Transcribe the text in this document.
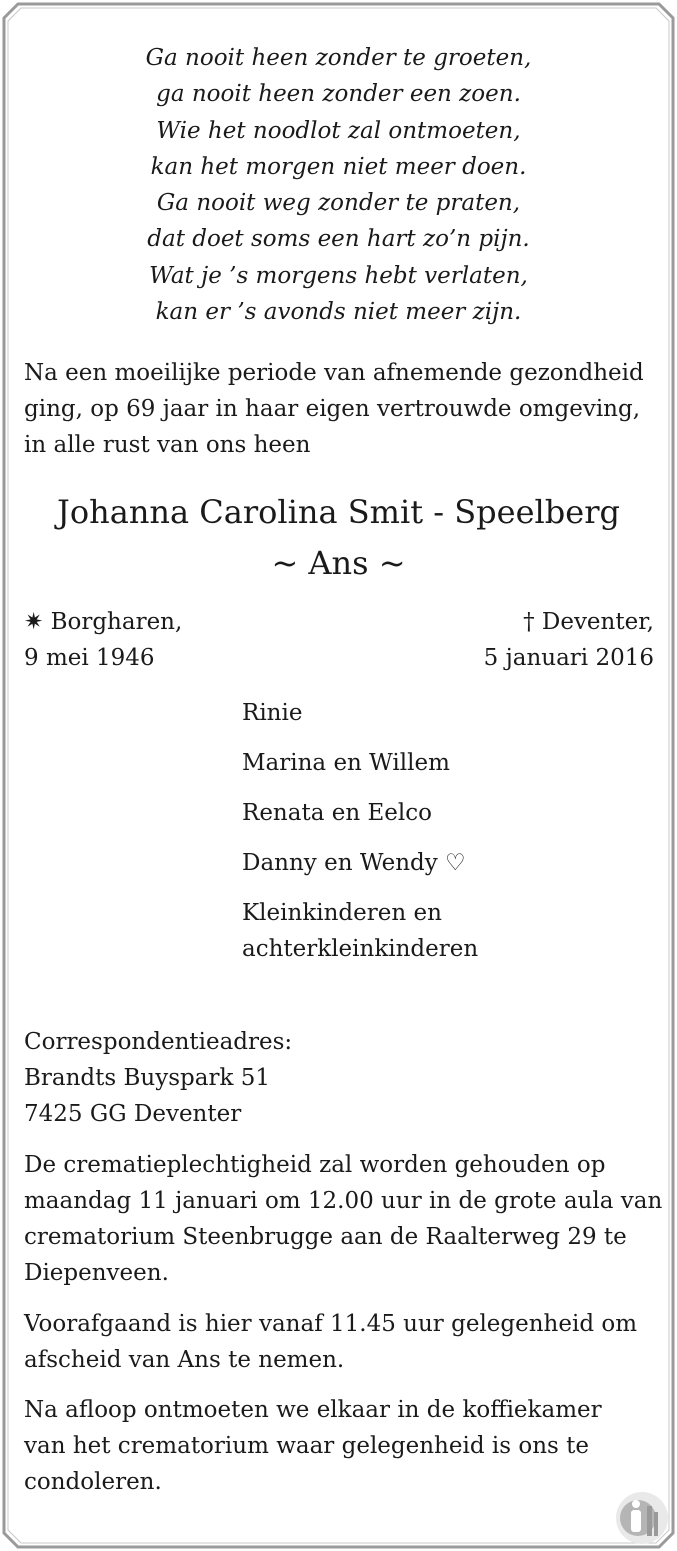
Ga nooit heen zonder te groeten,
ga nooit heen zonder een zoen.
Wie het noodlot zal ontmoeten,
kan het morgen niet meer doen.
Ga nooit weg zonder te praten,
dat doet soms een hart zo’n pijn.
Wat je ’s morgens hebt verlaten,
kan er ’s avonds niet meer zijn.
Na een moeilijke periode van afnemende gezondheid
ging, op 69 jaar in haar eigen vertrouwde omgeving,
in alle rust van ons heen
Johanna Carolina Smit - Speelberg
~ Ans ~
✷ Borgharen,
9 mei 1946
† Deventer,
5 januari 2016
Rinie
Marina en Willem
Renata en Eelco
Danny en Wendy ♡
Kleinkinderen en
achterkleinkinderen
Correspondentieadres:
Brandts Buyspark 51
7425 GG Deventer
De crematieplechtigheid zal worden gehouden op
maandag 11 januari om 12.00 uur in de grote aula van
crematorium Steenbrugge aan de Raalterweg 29 te
Diepenveen.
Voorafgaand is hier vanaf 11.45 uur gelegenheid om
afscheid van Ans te nemen.
Na afloop ontmoeten we elkaar in de koffiekamer
van het crematorium waar gelegenheid is ons te
condoleren.
